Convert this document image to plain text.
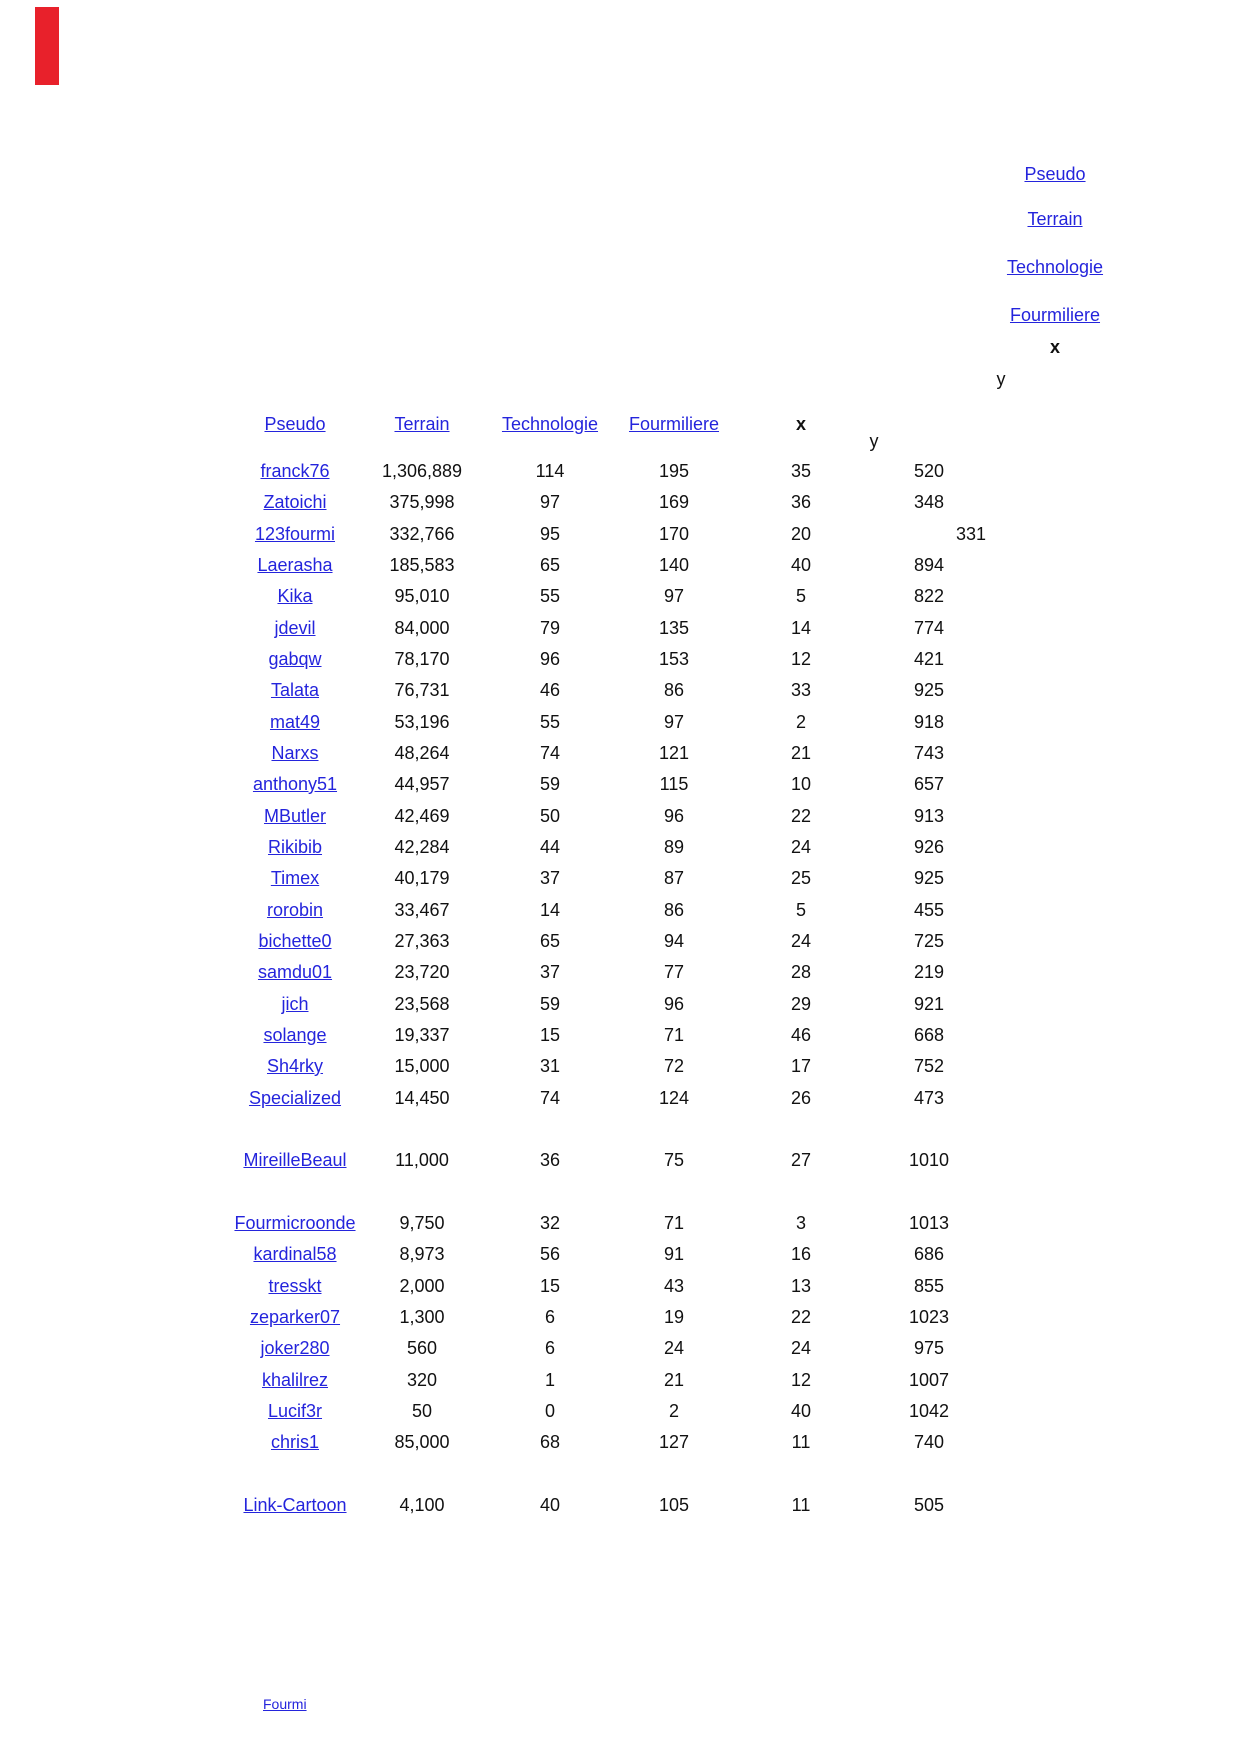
Pseudo
Terrain
Technologie
Fourmiliere
x
y
Pseudo	Terrain	Technologie	Fourmiliere	x
y
franck76	1,306,889	114	195	35	520
Zatoichi	375,998	97	169	36	348
123fourmi	332,766	95	170	20	331
Laerasha	185,583	65	140	40	894
Kika	95,010	55	97	5	822
jdevil	84,000	79	135	14	774
gabqw	78,170	96	153	12	421
Talata	76,731	46	86	33	925
mat49	53,196	55	97	2	918
Narxs	48,264	74	121	21	743
anthony51	44,957	59	115	10	657
MButler	42,469	50	96	22	913
Rikibib	42,284	44	89	24	926
Timex	40,179	37	87	25	925
rorobin	33,467	14	86	5	455
bichette0	27,363	65	94	24	725
samdu01	23,720	37	77	28	219
jich	23,568	59	96	29	921
solange	19,337	15	71	46	668
Sh4rky	15,000	31	72	17	752
Specialized	14,450	74	124	26	473
MireilleBeaul	11,000	36	75	27	1010
Fourmicroonde	9,750	32	71	3	1013
kardinal58	8,973	56	91	16	686
tresskt	2,000	15	43	13	855
zeparker07	1,300	6	19	22	1023
joker280	560	6	24	24	975
khalilrez	320	1	21	12	1007
Lucif3r	50	0	2	40	1042
chris1	85,000	68	127	11	740
Link-Cartoon	4,100	40	105	11	505
Fourmi
